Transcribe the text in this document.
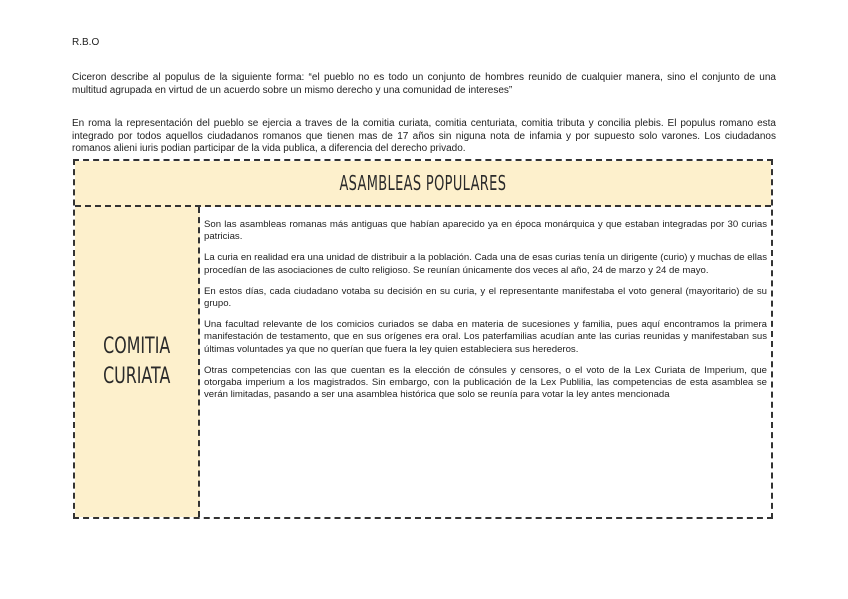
R.B.O

Ciceron describe al populus de la siguiente forma: “el pueblo no es todo un conjunto de hombres reunido de cualquier manera, sino el conjunto de una multitud agrupada en virtud de un acuerdo sobre un mismo derecho y una comunidad de intereses”

En roma la representación del pueblo se ejercia a traves de la comitia curiata, comitia centuriata, comitia tributa y concilia plebis. El populus romano esta integrado por todos aquellos ciudadanos romanos que tienen mas de 17 años sin niguna nota de infamia y por supuesto solo varones. Los ciudadanos romanos alieni iuris podian participar de la vida publica, a diferencia del derecho privado.

ASAMBLEAS POPULARES
COMITIA
CURIATA

Son las asambleas romanas más antiguas que habían aparecido ya en época monárquica y que estaban integradas por 30 curias patricias.

La curia en realidad era una unidad de distribuir a la población. Cada una de esas curias tenía un dirigente (curio) y muchas de ellas procedían de las asociaciones de culto religioso. Se reunían únicamente dos veces al año, 24 de marzo y 24 de mayo.

En estos días, cada ciudadano votaba su decisión en su curia, y el representante manifestaba el voto general (mayoritario) de su grupo.

Una facultad relevante de los comicios curiados se daba en materia de sucesiones y familia, pues aquí encontramos la primera manifestación de testamento, que en sus orígenes era oral. Los paterfamilias acudían ante las curias reunidas y manifestaban sus últimas voluntades ya que no querían que fuera la ley quien estableciera sus herederos.

Otras competencias con las que cuentan es la elección de cónsules y censores, o el voto de la Lex Curiata de Imperium, que otorgaba imperium a los magistrados. Sin embargo, con la publicación de la Lex Publilia, las competencias de esta asamblea se verán limitadas, pasando a ser una asamblea histórica que solo se reunía para votar la ley antes mencionada
